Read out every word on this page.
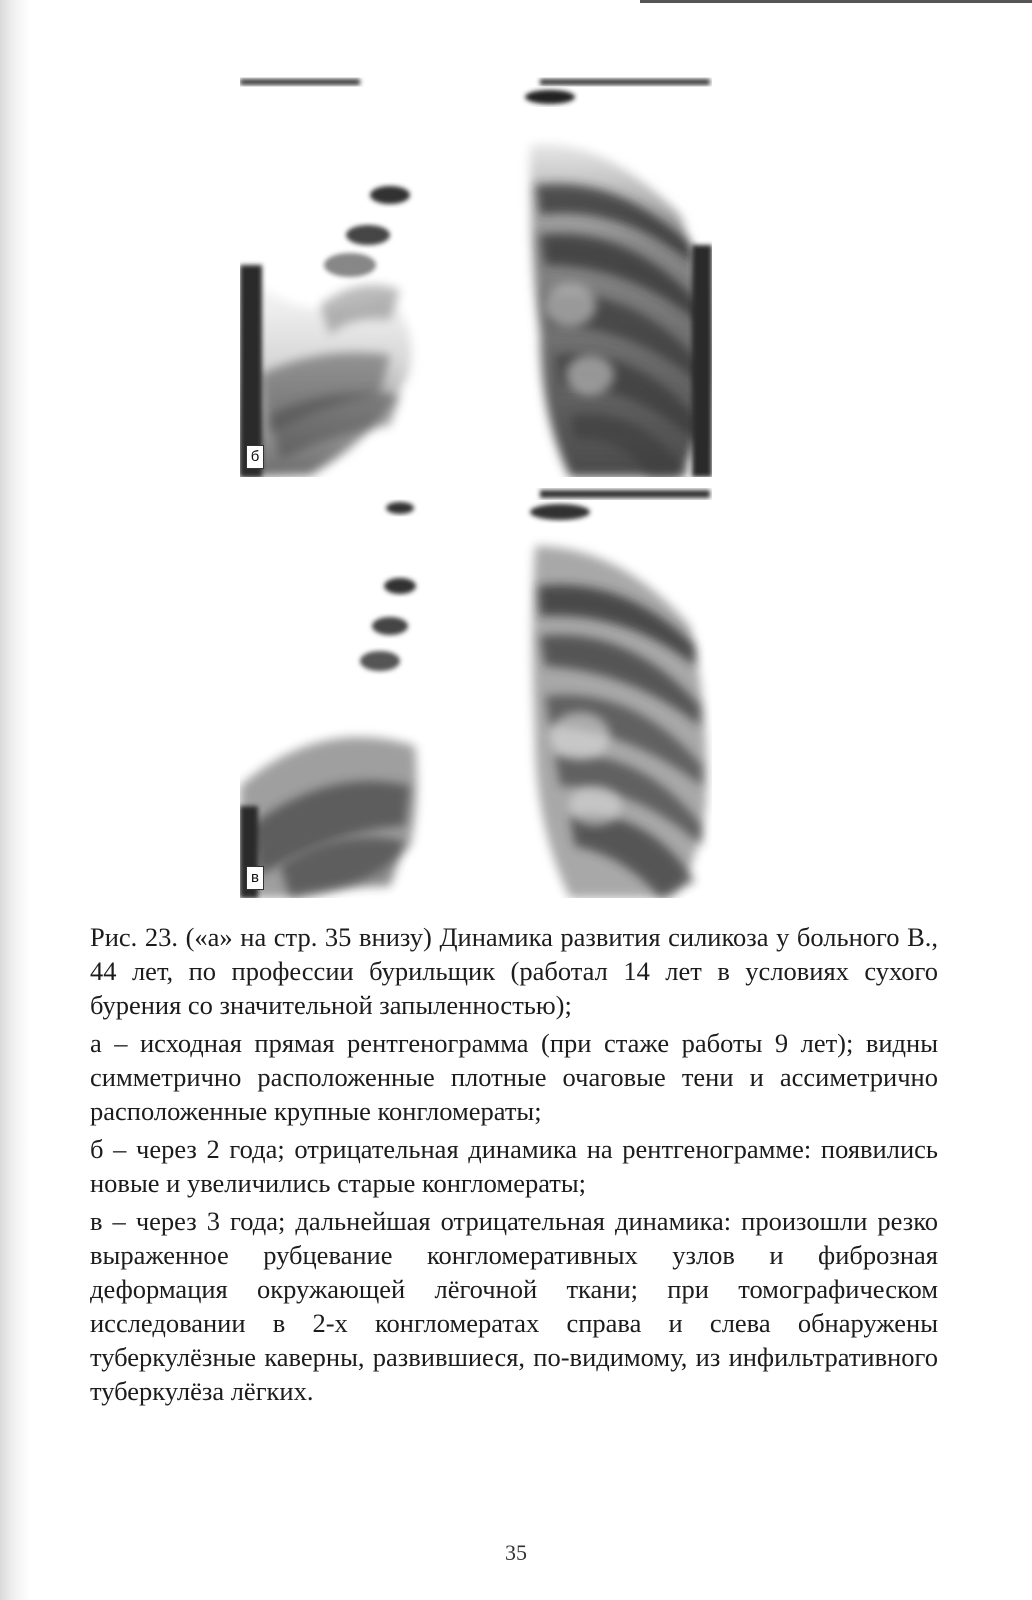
б
в

Рис. 23. («а» на стр. 35 внизу) Динамика развития силикоза у больного В., 44 лет, по профессии бурильщик (работал 14 лет в условиях сухого бурения со значительной запыленностью);

а – исходная прямая рентгенограмма (при стаже работы 9 лет); видны симметрично расположенные плотные очаговые тени и ассиметрично расположенные крупные конгломераты;

б – через 2 года; отрицательная динамика на рентгенограмме: появились новые и увеличились старые конгломераты;

в – через 3 года; дальнейшая отрицательная динамика: произошли резко выраженное рубцевание конгломеративных узлов и фиброзная деформация окружающей лёгочной ткани; при томографическом исследовании в 2-х конгломератах справа и слева обнаружены туберкулёзные каверны, развившиеся, по-видимому, из инфильтративного туберкулёза лёгких.

35
